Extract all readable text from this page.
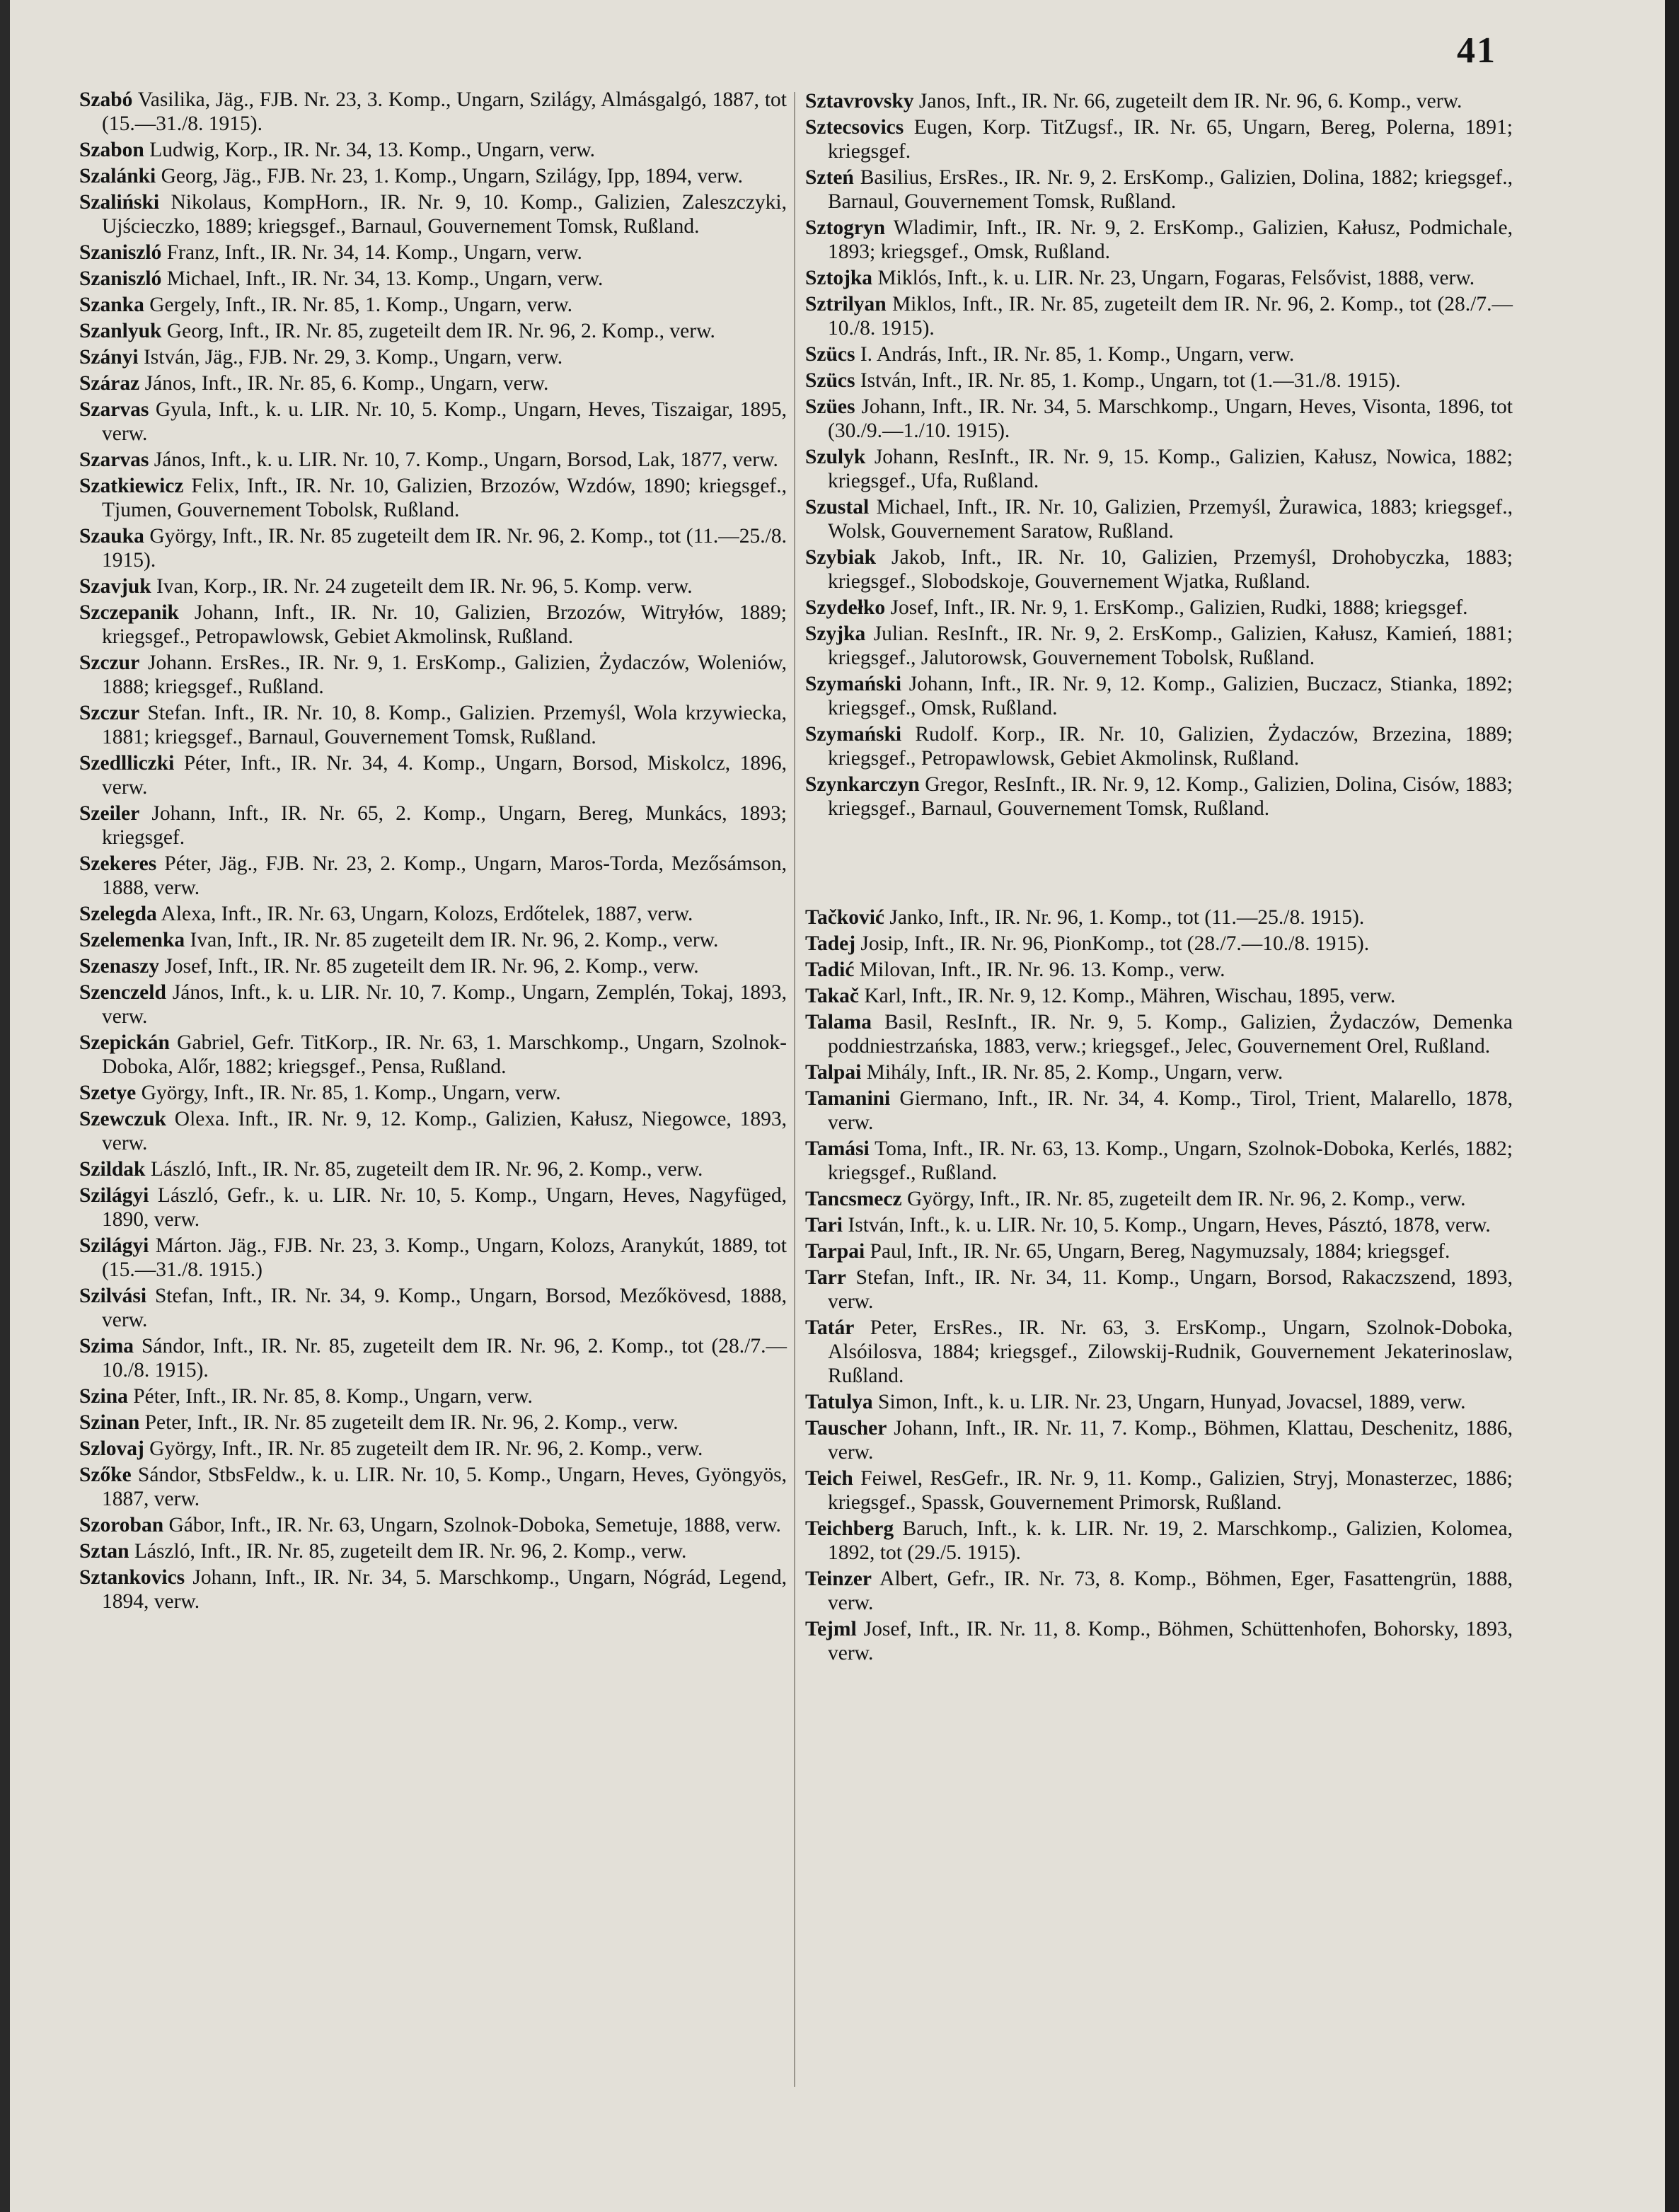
41

Szabó Vasilika, Jäg., FJB. Nr. 23, 3. Komp., Ungarn, Szilágy, Almásgalgó, 1887, tot (15.—31./8. 1915).

Szabon Ludwig, Korp., IR. Nr. 34, 13. Komp., Ungarn, verw.

Szalánki Georg, Jäg., FJB. Nr. 23, 1. Komp., Ungarn, Szilágy, Ipp, 1894, verw.

Szaliński Nikolaus, KompHorn., IR. Nr. 9, 10. Komp., Galizien, Zaleszczyki, Ujścieczko, 1889; kriegsgef., Barnaul, Gouvernement Tomsk, Rußland.

Szaniszló Franz, Inft., IR. Nr. 34, 14. Komp., Ungarn, verw.

Szaniszló Michael, Inft., IR. Nr. 34, 13. Komp., Ungarn, verw.

Szanka Gergely, Inft., IR. Nr. 85, 1. Komp., Ungarn, verw.

Szanlyuk Georg, Inft., IR. Nr. 85, zugeteilt dem IR. Nr. 96, 2. Komp., verw.

Szányi István, Jäg., FJB. Nr. 29, 3. Komp., Ungarn, verw.

Száraz János, Inft., IR. Nr. 85, 6. Komp., Ungarn, verw.

Szarvas Gyula, Inft., k. u. LIR. Nr. 10, 5. Komp., Ungarn, Heves, Tiszaigar, 1895, verw.

Szarvas János, Inft., k. u. LIR. Nr. 10, 7. Komp., Ungarn, Borsod, Lak, 1877, verw.

Szatkiewicz Felix, Inft., IR. Nr. 10, Galizien, Brzozów, Wzdów, 1890; kriegsgef., Tjumen, Gouvernement Tobolsk, Rußland.

Szauka György, Inft., IR. Nr. 85 zugeteilt dem IR. Nr. 96, 2. Komp., tot (11.—25./8. 1915).

Szavjuk Ivan, Korp., IR. Nr. 24 zugeteilt dem IR. Nr. 96, 5. Komp. verw.

Szczepanik Johann, Inft., IR. Nr. 10, Galizien, Brzozów, Witryłów, 1889; kriegsgef., Petropawlowsk, Gebiet Akmolinsk, Rußland.

Szczur Johann. ErsRes., IR. Nr. 9, 1. ErsKomp., Galizien, Żydaczów, Woleniów, 1888; kriegsgef., Rußland.

Szczur Stefan. Inft., IR. Nr. 10, 8. Komp., Galizien. Przemyśl, Wola krzywiecka, 1881; kriegsgef., Barnaul, Gouvernement Tomsk, Rußland.

Szedlliczki Péter, Inft., IR. Nr. 34, 4. Komp., Ungarn, Borsod, Miskolcz, 1896, verw.

Szeiler Johann, Inft., IR. Nr. 65, 2. Komp., Ungarn, Bereg, Munkács, 1893; kriegsgef.

Szekeres Péter, Jäg., FJB. Nr. 23, 2. Komp., Ungarn, Maros-Torda, Mezősámson, 1888, verw.

Szelegda Alexa, Inft., IR. Nr. 63, Ungarn, Kolozs, Erdőtelek, 1887, verw.

Szelemenka Ivan, Inft., IR. Nr. 85 zugeteilt dem IR. Nr. 96, 2. Komp., verw.

Szenaszy Josef, Inft., IR. Nr. 85 zugeteilt dem IR. Nr. 96, 2. Komp., verw.

Szenczeld János, Inft., k. u. LIR. Nr. 10, 7. Komp., Ungarn, Zemplén, Tokaj, 1893, verw.

Szepickán Gabriel, Gefr. TitKorp., IR. Nr. 63, 1. Marschkomp., Ungarn, Szolnok-Doboka, Alőr, 1882; kriegsgef., Pensa, Rußland.

Szetye György, Inft., IR. Nr. 85, 1. Komp., Ungarn, verw.

Szewczuk Olexa. Inft., IR. Nr. 9, 12. Komp., Galizien, Kałusz, Niegowce, 1893, verw.

Szildak László, Inft., IR. Nr. 85, zugeteilt dem IR. Nr. 96, 2. Komp., verw.

Szilágyi László, Gefr., k. u. LIR. Nr. 10, 5. Komp., Ungarn, Heves, Nagyfüged, 1890, verw.

Szilágyi Márton. Jäg., FJB. Nr. 23, 3. Komp., Ungarn, Kolozs, Aranykút, 1889, tot (15.—31./8. 1915.)

Szilvási Stefan, Inft., IR. Nr. 34, 9. Komp., Ungarn, Borsod, Mezőkövesd, 1888, verw.

Szima Sándor, Inft., IR. Nr. 85, zugeteilt dem IR. Nr. 96, 2. Komp., tot (28./7.—10./8. 1915).

Szina Péter, Inft., IR. Nr. 85, 8. Komp., Ungarn, verw.

Szinan Peter, Inft., IR. Nr. 85 zugeteilt dem IR. Nr. 96, 2. Komp., verw.

Szlovaj György, Inft., IR. Nr. 85 zugeteilt dem IR. Nr. 96, 2. Komp., verw.

Szőke Sándor, StbsFeldw., k. u. LIR. Nr. 10, 5. Komp., Ungarn, Heves, Gyöngyös, 1887, verw.

Szoroban Gábor, Inft., IR. Nr. 63, Ungarn, Szolnok-Doboka, Semetuje, 1888, verw.

Sztan László, Inft., IR. Nr. 85, zugeteilt dem IR. Nr. 96, 2. Komp., verw.

Sztankovics Johann, Inft., IR. Nr. 34, 5. Marschkomp., Ungarn, Nógrád, Legend, 1894, verw.

Sztavrovsky Janos, Inft., IR. Nr. 66, zugeteilt dem IR. Nr. 96, 6. Komp., verw.

Sztecsovics Eugen, Korp. TitZugsf., IR. Nr. 65, Ungarn, Bereg, Polerna, 1891; kriegsgef.

Szteń Basilius, ErsRes., IR. Nr. 9, 2. ErsKomp., Galizien, Dolina, 1882; kriegsgef., Barnaul, Gouvernement Tomsk, Rußland.

Sztogryn Wladimir, Inft., IR. Nr. 9, 2. ErsKomp., Galizien, Kałusz, Podmichale, 1893; kriegsgef., Omsk, Rußland.

Sztojka Miklós, Inft., k. u. LIR. Nr. 23, Ungarn, Fogaras, Felsővist, 1888, verw.

Sztrilyan Miklos, Inft., IR. Nr. 85, zugeteilt dem IR. Nr. 96, 2. Komp., tot (28./7.—10./8. 1915).

Szücs I. András, Inft., IR. Nr. 85, 1. Komp., Ungarn, verw.

Szücs István, Inft., IR. Nr. 85, 1. Komp., Ungarn, tot (1.—31./8. 1915).

Szües Johann, Inft., IR. Nr. 34, 5. Marschkomp., Ungarn, Heves, Visonta, 1896, tot (30./9.—1./10. 1915).

Szulyk Johann, ResInft., IR. Nr. 9, 15. Komp., Galizien, Kałusz, Nowica, 1882; kriegsgef., Ufa, Rußland.

Szustal Michael, Inft., IR. Nr. 10, Galizien, Przemyśl, Żurawica, 1883; kriegsgef., Wolsk, Gouvernement Saratow, Rußland.

Szybiak Jakob, Inft., IR. Nr. 10, Galizien, Przemyśl, Drohobyczka, 1883; kriegsgef., Slobodskoje, Gouvernement Wjatka, Rußland.

Szydełko Josef, Inft., IR. Nr. 9, 1. ErsKomp., Galizien, Rudki, 1888; kriegsgef.

Szyjka Julian. ResInft., IR. Nr. 9, 2. ErsKomp., Galizien, Kałusz, Kamień, 1881; kriegsgef., Jalutorowsk, Gouvernement Tobolsk, Rußland.

Szymański Johann, Inft., IR. Nr. 9, 12. Komp., Galizien, Buczacz, Stianka, 1892; kriegsgef., Omsk, Rußland.

Szymański Rudolf. Korp., IR. Nr. 10, Galizien, Żydaczów, Brzezina, 1889; kriegsgef., Petropawlowsk, Gebiet Akmolinsk, Rußland.

Szynkarczyn Gregor, ResInft., IR. Nr. 9, 12. Komp., Galizien, Dolina, Cisów, 1883; kriegsgef., Barnaul, Gouvernement Tomsk, Rußland.

Tačković Janko, Inft., IR. Nr. 96, 1. Komp., tot (11.—25./8. 1915).

Tadej Josip, Inft., IR. Nr. 96, PionKomp., tot (28./7.—10./8. 1915).

Tadić Milovan, Inft., IR. Nr. 96. 13. Komp., verw.

Takač Karl, Inft., IR. Nr. 9, 12. Komp., Mähren, Wischau, 1895, verw.

Talama Basil, ResInft., IR. Nr. 9, 5. Komp., Galizien, Żydaczów, Demenka poddniestrzańska, 1883, verw.; kriegsgef., Jelec, Gouvernement Orel, Rußland.

Talpai Mihály, Inft., IR. Nr. 85, 2. Komp., Ungarn, verw.

Tamanini Giermano, Inft., IR. Nr. 34, 4. Komp., Tirol, Trient, Malarello, 1878, verw.

Tamási Toma, Inft., IR. Nr. 63, 13. Komp., Ungarn, Szolnok-Doboka, Kerlés, 1882; kriegsgef., Rußland.

Tancsmecz György, Inft., IR. Nr. 85, zugeteilt dem IR. Nr. 96, 2. Komp., verw.

Tari István, Inft., k. u. LIR. Nr. 10, 5. Komp., Ungarn, Heves, Pásztó, 1878, verw.

Tarpai Paul, Inft., IR. Nr. 65, Ungarn, Bereg, Nagymuzsaly, 1884; kriegsgef.

Tarr Stefan, Inft., IR. Nr. 34, 11. Komp., Ungarn, Borsod, Rakaczszend, 1893, verw.

Tatár Peter, ErsRes., IR. Nr. 63, 3. ErsKomp., Ungarn, Szolnok-Doboka, Alsóilosva, 1884; kriegsgef., Zilowskij-Rudnik, Gouvernement Jekaterinoslaw, Rußland.

Tatulya Simon, Inft., k. u. LIR. Nr. 23, Ungarn, Hunyad, Jovacsel, 1889, verw.

Tauscher Johann, Inft., IR. Nr. 11, 7. Komp., Böhmen, Klattau, Deschenitz, 1886, verw.

Teich Feiwel, ResGefr., IR. Nr. 9, 11. Komp., Galizien, Stryj, Monasterzec, 1886; kriegsgef., Spassk, Gouvernement Primorsk, Rußland.

Teichberg Baruch, Inft., k. k. LIR. Nr. 19, 2. Marschkomp., Galizien, Kolomea, 1892, tot (29./5. 1915).

Teinzer Albert, Gefr., IR. Nr. 73, 8. Komp., Böhmen, Eger, Fasattengrün, 1888, verw.

Tejml Josef, Inft., IR. Nr. 11, 8. Komp., Böhmen, Schüttenhofen, Bohorsky, 1893, verw.
